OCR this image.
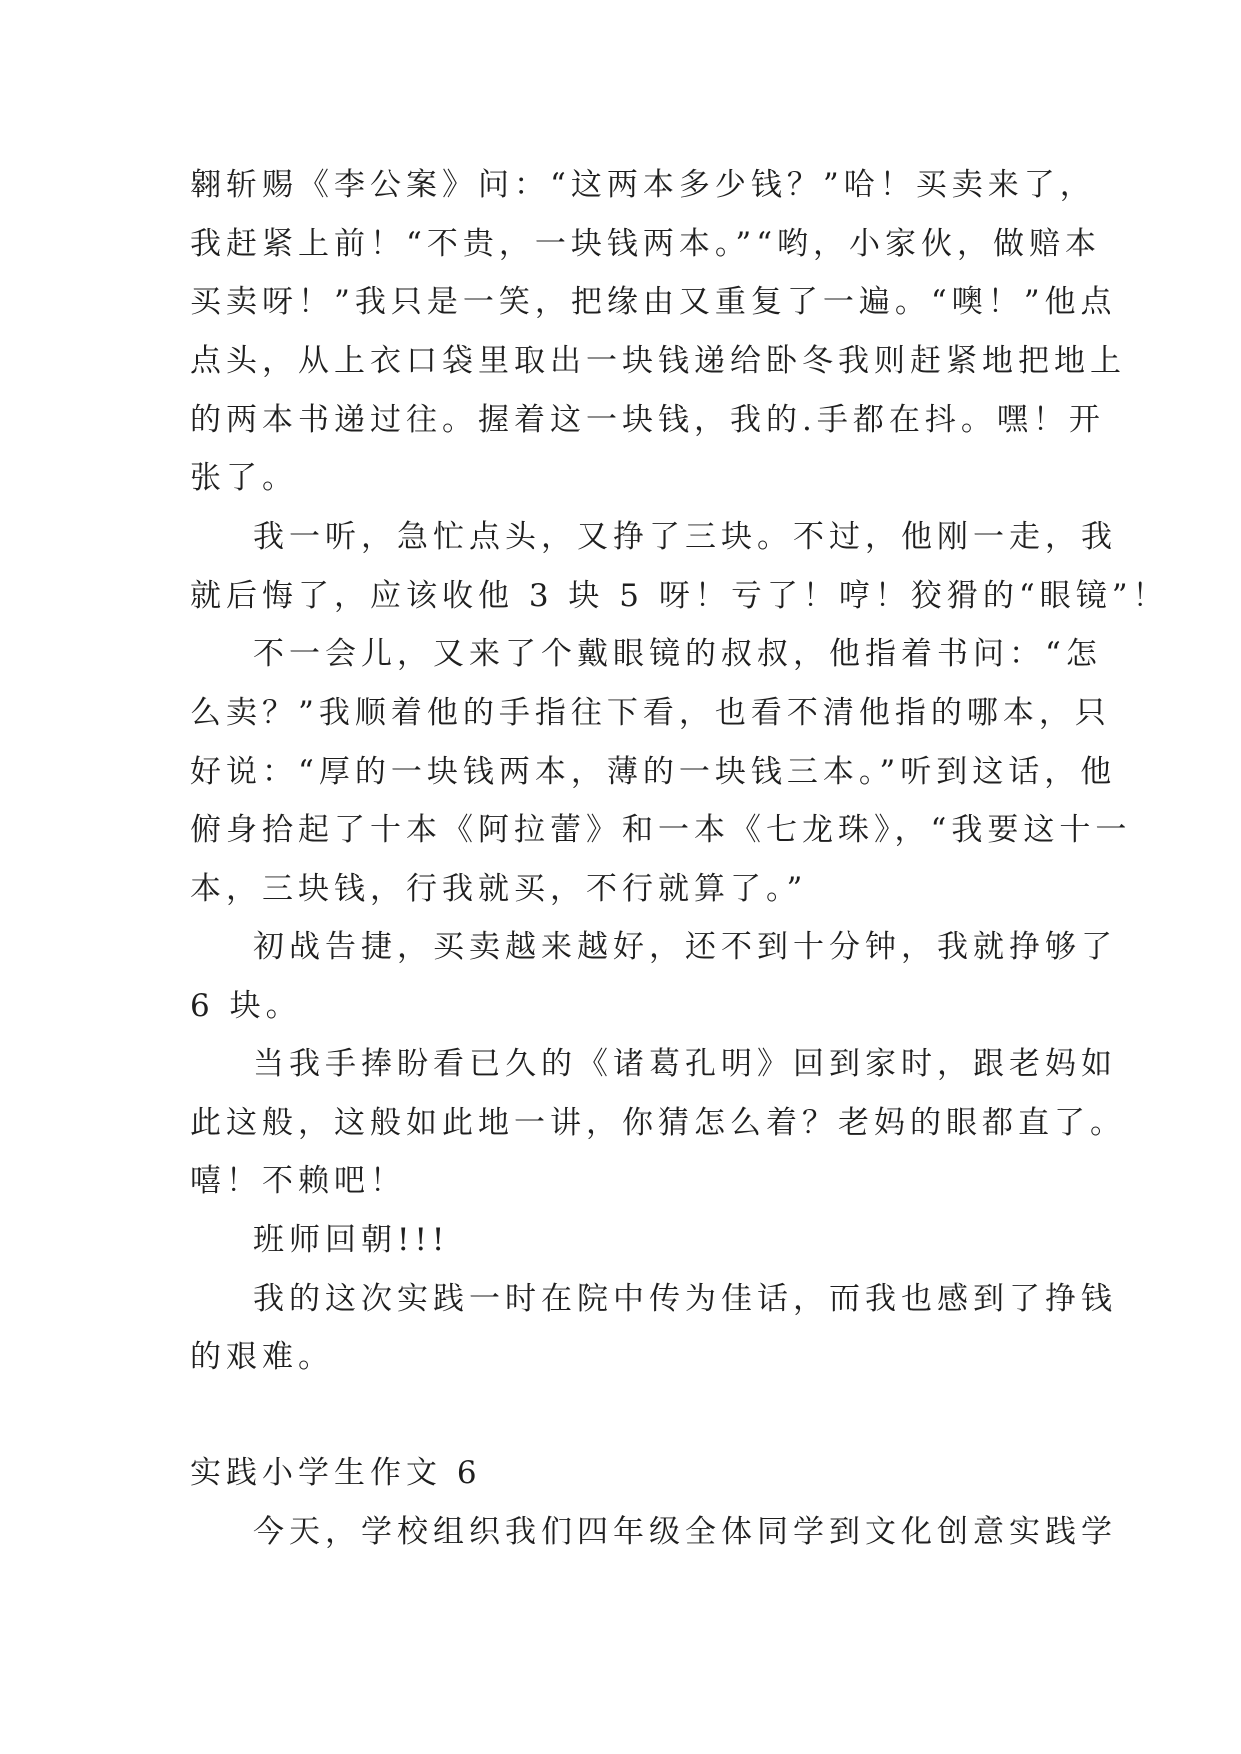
翱斩赐《李公案》问：“这两本多少钱？”哈！买卖来了，
我赶紧上前！“不贵，一块钱两本。”“哟，小家伙，做赔本
买卖呀！”我只是一笑，把缘由又重复了一遍。“噢！”他点
点头，从上衣口袋里取出一块钱递给卧冬我则赶紧地把地上
的两本书递过往。握着这一块钱，我的.手都在抖。嘿！开
张了。
我一听，急忙点头，又挣了三块。不过，他刚一走，我
就后悔了，应该收他 3 块 5 呀！亏了！哼！狡猾的“眼镜”！
不一会儿，又来了个戴眼镜的叔叔，他指着书问：“怎
么卖？”我顺着他的手指往下看，也看不清他指的哪本，只
好说：“厚的一块钱两本，薄的一块钱三本。”听到这话，他
俯身拾起了十本《阿拉蕾》和一本《七龙珠》，“我要这十一
本，三块钱，行我就买，不行就算了。”
初战告捷，买卖越来越好，还不到十分钟，我就挣够了
6 块。
当我手捧盼看已久的《诸葛孔明》回到家时，跟老妈如
此这般，这般如此地一讲，你猜怎么着？老妈的眼都直了。
嘻！不赖吧！
班师回朝!!!
我的这次实践一时在院中传为佳话，而我也感到了挣钱
的艰难。
实践小学生作文 6
今天，学校组织我们四年级全体同学到文化创意实践学
